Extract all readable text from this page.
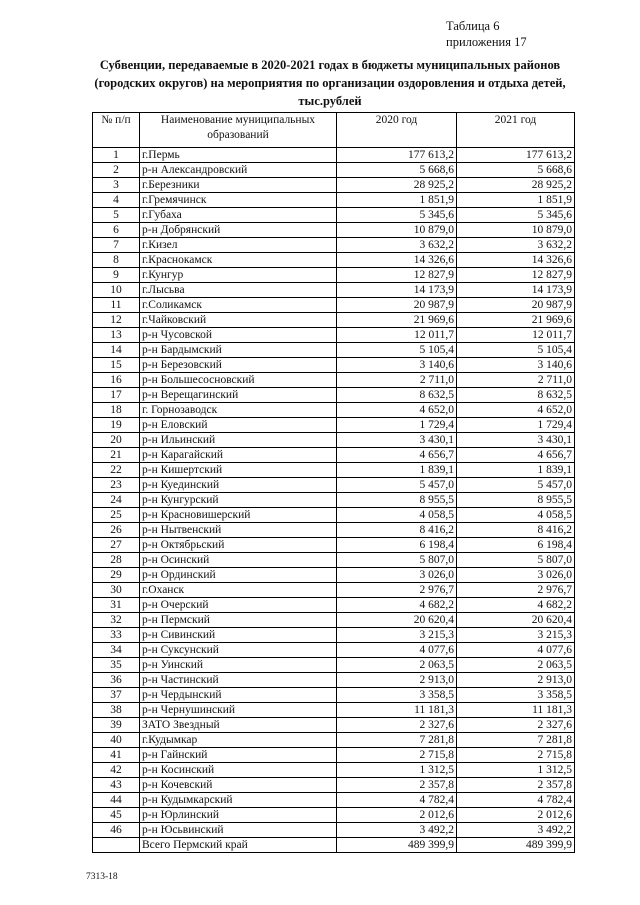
Таблица 6
приложения 17
Субвенции, передаваемые в 2020-2021 годах в бюджеты муниципальных районов (городских округов) на мероприятия по организации оздоровления и отдыха детей, тыс.рублей
№ п/п	Наименование муниципальных образований	2020 год	2021 год
1	г.Пермь	177 613,2	177 613,2
2	р-н Александровский	5 668,6	5 668,6
3	г.Березники	28 925,2	28 925,2
4	г.Гремячинск	1 851,9	1 851,9
5	г.Губаха	5 345,6	5 345,6
6	р-н Добрянский	10 879,0	10 879,0
7	г.Кизел	3 632,2	3 632,2
8	г.Краснокамск	14 326,6	14 326,6
9	г.Кунгур	12 827,9	12 827,9
10	г.Лысьва	14 173,9	14 173,9
11	г.Соликамск	20 987,9	20 987,9
12	г.Чайковский	21 969,6	21 969,6
13	р-н Чусовской	12 011,7	12 011,7
14	р-н Бардымский	5 105,4	5 105,4
15	р-н Березовский	3 140,6	3 140,6
16	р-н Большесосновский	2 711,0	2 711,0
17	р-н Верещагинский	8 632,5	8 632,5
18	г. Горнозаводск	4 652,0	4 652,0
19	р-н Еловский	1 729,4	1 729,4
20	р-н Ильинский	3 430,1	3 430,1
21	р-н Карагайский	4 656,7	4 656,7
22	р-н Кишертский	1 839,1	1 839,1
23	р-н Куединский	5 457,0	5 457,0
24	р-н Кунгурский	8 955,5	8 955,5
25	р-н Красновишерский	4 058,5	4 058,5
26	р-н Нытвенский	8 416,2	8 416,2
27	р-н Октябрьский	6 198,4	6 198,4
28	р-н Осинский	5 807,0	5 807,0
29	р-н Ординский	3 026,0	3 026,0
30	г.Оханск	2 976,7	2 976,7
31	р-н Очерский	4 682,2	4 682,2
32	р-н Пермский	20 620,4	20 620,4
33	р-н Сивинский	3 215,3	3 215,3
34	р-н Суксунский	4 077,6	4 077,6
35	р-н Уинский	2 063,5	2 063,5
36	р-н Частинский	2 913,0	2 913,0
37	р-н Чердынский	3 358,5	3 358,5
38	р-н Чернушинский	11 181,3	11 181,3
39	ЗАТО Звездный	2 327,6	2 327,6
40	г.Кудымкар	7 281,8	7 281,8
41	р-н Гайнский	2 715,8	2 715,8
42	р-н Косинский	1 312,5	1 312,5
43	р-н Кочевский	2 357,8	2 357,8
44	р-н Кудымкарский	4 782,4	4 782,4
45	р-н Юрлинский	2 012,6	2 012,6
46	р-н Юсьвинский	3 492,2	3 492,2
	Всего Пермский край	489 399,9	489 399,9
7313-18
